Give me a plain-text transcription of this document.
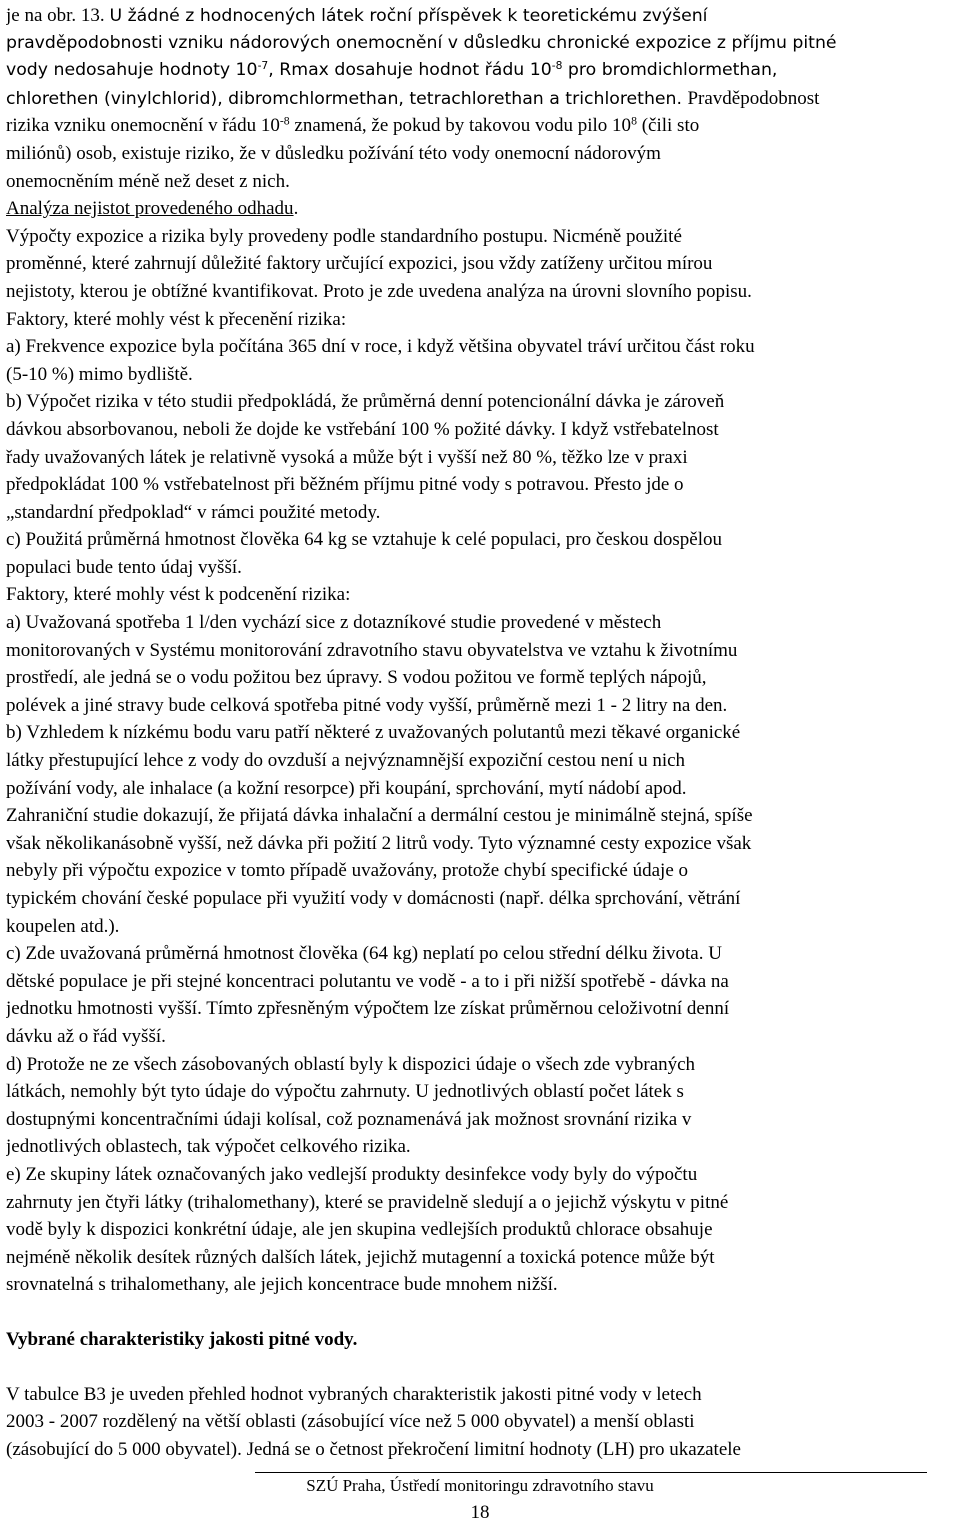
je na obr. 13. U žádné z hodnocených látek roční příspěvek k teoretickému zvýšení
pravděpodobnosti vzniku nádorových onemocnění v důsledku chronické expozice z příjmu pitné
vody nedosahuje hodnoty $10^{-7}$, Rmax dosahuje hodnot řádu $10^{-8}$ pro bromdichlormethan,
chlorethen (vinylchlorid), dibromchlormethan, tetrachlorethan a trichlorethen. Pravděpodobnost
rizika vzniku onemocnění v řádu $10^{-8}$ znamená, že pokud by takovou vodu pilo $10^8$ (čili sto
miliónů) osob, existuje riziko, že v důsledku požívání této vody onemocní nádorovým
onemocněním méně než deset z nich.
Analýza nejistot provedeného odhadu.
Výpočty expozice a rizika byly provedeny podle standardního postupu. Nicméně použité
proměnné, které zahrnují důležité faktory určující expozici, jsou vždy zatíženy určitou mírou
nejistoty, kterou je obtížné kvantifikovat. Proto je zde uvedena analýza na úrovni slovního popisu.
Faktory, které mohly vést k přecenění rizika:
a) Frekvence expozice byla počítána 365 dní v roce, i když většina obyvatel tráví určitou část roku
(5-10 %) mimo bydliště.
b) Výpočet rizika v této studii předpokládá, že průměrná denní potencionální dávka je zároveň
dávkou absorbovanou, neboli že dojde ke vstřebání 100 % požité dávky. I když vstřebatelnost
řady uvažovaných látek je relativně vysoká a může být i vyšší než 80 %, těžko lze v praxi
předpokládat 100 % vstřebatelnost při běžném příjmu pitné vody s potravou. Přesto jde o
„standardní předpoklad“ v rámci použité metody.
c) Použitá průměrná hmotnost člověka 64 kg se vztahuje k celé populaci, pro českou dospělou
populaci bude tento údaj vyšší.
Faktory, které mohly vést k podcenění rizika:
a) Uvažovaná spotřeba 1 l/den vychází sice z dotazníkové studie provedené v městech
monitorovaných v Systému monitorování zdravotního stavu obyvatelstva ve vztahu k životnímu
prostředí, ale jedná se o vodu požitou bez úpravy. S vodou požitou ve formě teplých nápojů,
polévek a jiné stravy bude celková spotřeba pitné vody vyšší, průměrně mezi 1 - 2 litry na den.
b) Vzhledem k nízkému bodu varu patří některé z uvažovaných polutantů mezi těkavé organické
látky přestupující lehce z vody do ovzduší a nejvýznamnější expoziční cestou není u nich
požívání vody, ale inhalace (a kožní resorpce) při koupání, sprchování, mytí nádobí apod.
Zahraniční studie dokazují, že přijatá dávka inhalační a dermální cestou je minimálně stejná, spíše
však několikanásobně vyšší, než dávka při požití 2 litrů vody. Tyto významné cesty expozice však
nebyly při výpočtu expozice v tomto případě uvažovány, protože chybí specifické údaje o
typickém chování české populace při využití vody v domácnosti (např. délka sprchování, větrání
koupelen atd.).
c) Zde uvažovaná průměrná hmotnost člověka (64 kg) neplatí po celou střední délku života. U
dětské populace je při stejné koncentraci polutantu ve vodě - a to i při nižší spotřebě - dávka na
jednotku hmotnosti vyšší. Tímto zpřesněným výpočtem lze získat průměrnou celoživotní denní
dávku až o řád vyšší.
d) Protože ne ze všech zásobovaných oblastí byly k dispozici údaje o všech zde vybraných
látkách, nemohly být tyto údaje do výpočtu zahrnuty. U jednotlivých oblastí počet látek s
dostupnými koncentračními údaji kolísal, což poznamenává jak možnost srovnání rizika v
jednotlivých oblastech, tak výpočet celkového rizika.
e) Ze skupiny látek označovaných jako vedlejší produkty desinfekce vody byly do výpočtu
zahrnuty jen čtyři látky (trihalomethany), které se pravidelně sledují a o jejichž výskytu v pitné
vodě byly k dispozici konkrétní údaje, ale jen skupina vedlejších produktů chlorace obsahuje
nejméně několik desítek různých dalších látek, jejichž mutagenní a toxická potence může být
srovnatelná s trihalomethany, ale jejich koncentrace bude mnohem nižší.
Vybrané charakteristiky jakosti pitné vody.
V tabulce B3 je uveden přehled hodnot vybraných charakteristik jakosti pitné vody v letech
2003 - 2007 rozdělený na větší oblasti (zásobující více než 5 000 obyvatel) a menší oblasti
(zásobující do 5 000 obyvatel). Jedná se o četnost překročení limitní hodnoty (LH) pro ukazatele
SZÚ Praha, Ústředí monitoringu zdravotního stavu
18
